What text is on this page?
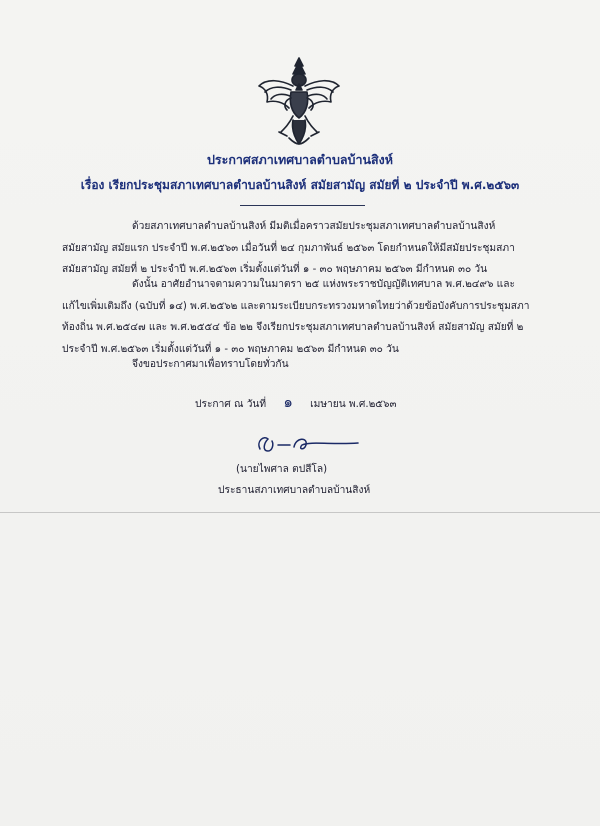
ประกาศสภาเทศบาลตำบลบ้านสิงห์
เรื่อง เรียกประชุมสภาเทศบาลตำบลบ้านสิงห์ สมัยสามัญ สมัยที่ ๒ ประจำปี พ.ศ.๒๕๖๓
ด้วยสภาเทศบาลตำบลบ้านสิงห์ มีมติเมื่อคราวสมัยประชุมสภาเทศบาลตำบลบ้านสิงห์
สมัยสามัญ สมัยแรก ประจำปี พ.ศ.๒๕๖๓ เมื่อวันที่ ๒๔ กุมภาพันธ์ ๒๕๖๓ โดยกำหนดให้มีสมัยประชุมสภา
สมัยสามัญ สมัยที่ ๒ ประจำปี พ.ศ.๒๕๖๓ เริ่มตั้งแต่วันที่ ๑ - ๓๐ พฤษภาคม ๒๕๖๓ มีกำหนด ๓๐ วัน
ดังนั้น อาศัยอำนาจตามความในมาตรา ๒๕ แห่งพระราชบัญญัติเทศบาล พ.ศ.๒๔๙๖ และ
แก้ไขเพิ่มเติมถึง (ฉบับที่ ๑๔) พ.ศ.๒๕๖๒ และตามระเบียบกระทรวงมหาดไทยว่าด้วยข้อบังคับการประชุมสภา
ท้องถิ่น พ.ศ.๒๕๔๗ และ พ.ศ.๒๕๕๔ ข้อ ๒๒ จึงเรียกประชุมสภาเทศบาลตำบลบ้านสิงห์ สมัยสามัญ สมัยที่ ๒
ประจำปี พ.ศ.๒๕๖๓ เริ่มตั้งแต่วันที่ ๑ - ๓๐ พฤษภาคม ๒๕๖๓ มีกำหนด ๓๐ วัน
จึงขอประกาศมาเพื่อทราบโดยทั่วกัน
ประกาศ ณ วันที่ ๑ เมษายน พ.ศ.๒๕๖๓
(นายไพศาล ตปสีโล)
ประธานสภาเทศบาลตำบลบ้านสิงห์
